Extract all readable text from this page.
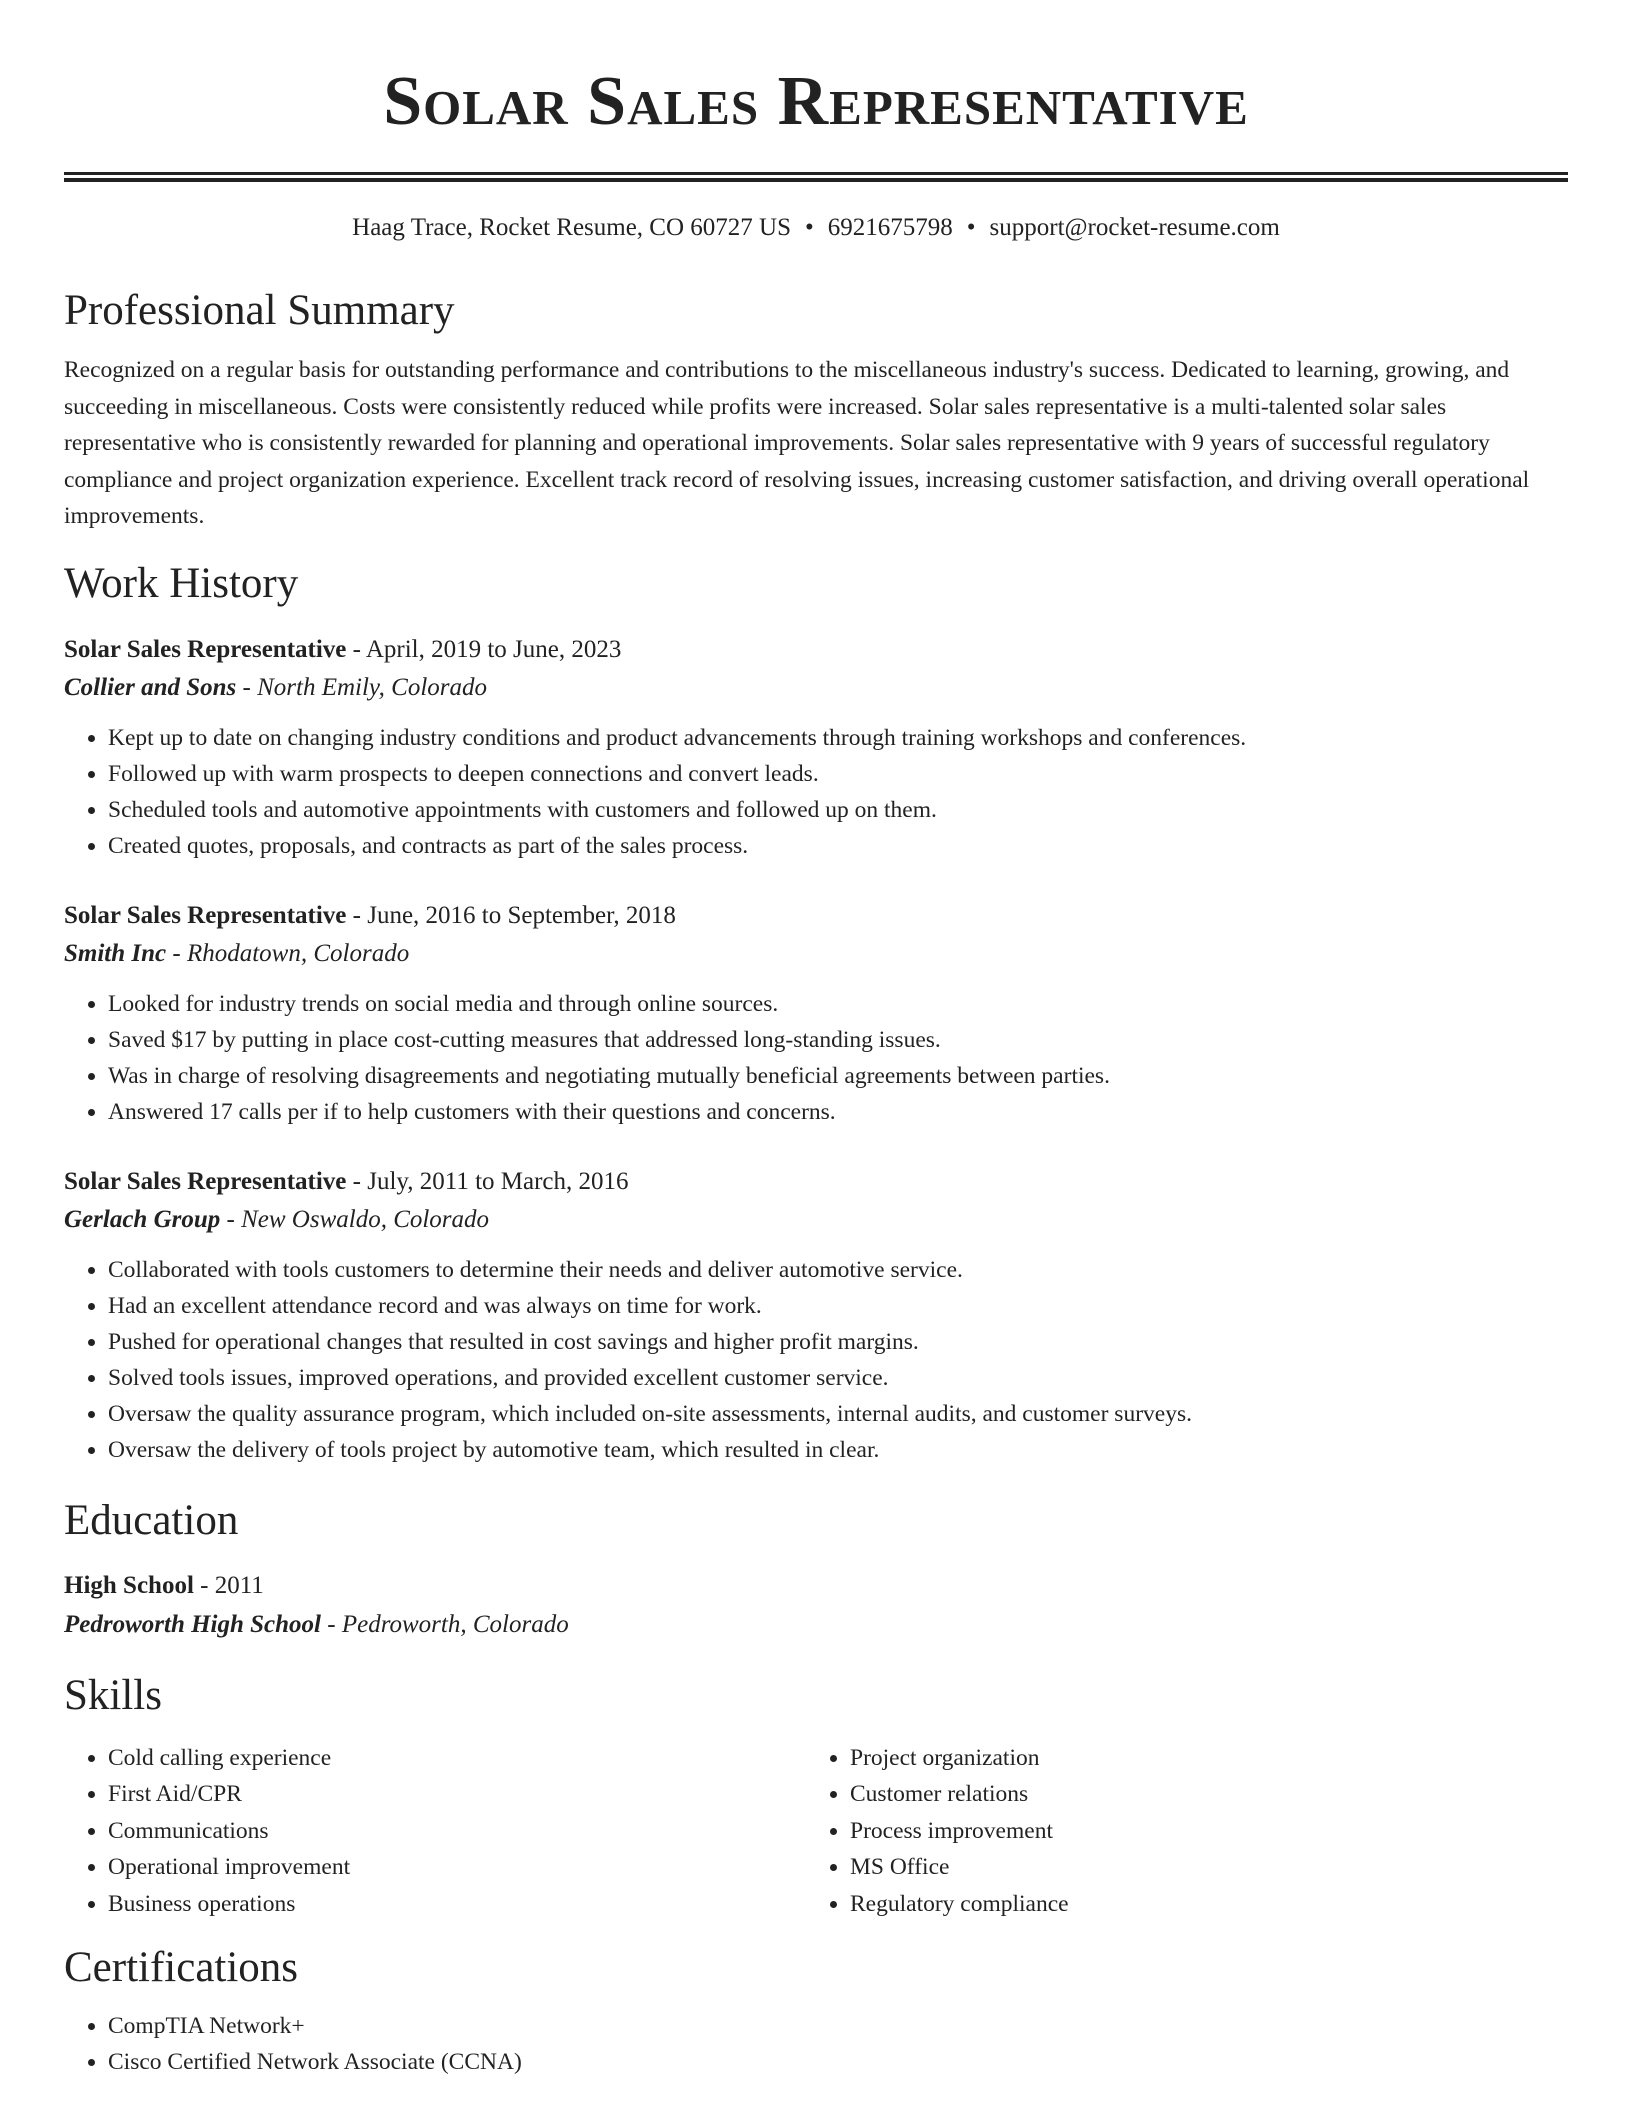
Solar Sales Representative
Haag Trace, Rocket Resume, CO 60727 US • 6921675798 • support@rocket-resume.com
Professional Summary

Recognized on a regular basis for outstanding performance and contributions to the miscellaneous industry's success. Dedicated to learning, growing, and succeeding in miscellaneous. Costs were consistently reduced while profits were increased. Solar sales representative is a multi-talented solar sales representative who is consistently rewarded for planning and operational improvements. Solar sales representative with 9 years of successful regulatory compliance and project organization experience. Excellent track record of resolving issues, increasing customer satisfaction, and driving overall operational improvements.

Work History
Solar Sales Representative - April, 2019 to June, 2023
Collier and Sons - North Emily, Colorado
• Kept up to date on changing industry conditions and product advancements through training workshops and conferences.
• Followed up with warm prospects to deepen connections and convert leads.
• Scheduled tools and automotive appointments with customers and followed up on them.
• Created quotes, proposals, and contracts as part of the sales process.
Solar Sales Representative - June, 2016 to September, 2018
Smith Inc - Rhodatown, Colorado
• Looked for industry trends on social media and through online sources.
• Saved $17 by putting in place cost-cutting measures that addressed long-standing issues.
• Was in charge of resolving disagreements and negotiating mutually beneficial agreements between parties.
• Answered 17 calls per if to help customers with their questions and concerns.
Solar Sales Representative - July, 2011 to March, 2016
Gerlach Group - New Oswaldo, Colorado
• Collaborated with tools customers to determine their needs and deliver automotive service.
• Had an excellent attendance record and was always on time for work.
• Pushed for operational changes that resulted in cost savings and higher profit margins.
• Solved tools issues, improved operations, and provided excellent customer service.
• Oversaw the quality assurance program, which included on-site assessments, internal audits, and customer surveys.
• Oversaw the delivery of tools project by automotive team, which resulted in clear.
Education
High School - 2011
Pedroworth High School - Pedroworth, Colorado
Skills
• Cold calling experience
• First Aid/CPR
• Communications
• Operational improvement
• Business operations
• Project organization
• Customer relations
• Process improvement
• MS Office
• Regulatory compliance
Certifications
• CompTIA Network+
• Cisco Certified Network Associate (CCNA)
